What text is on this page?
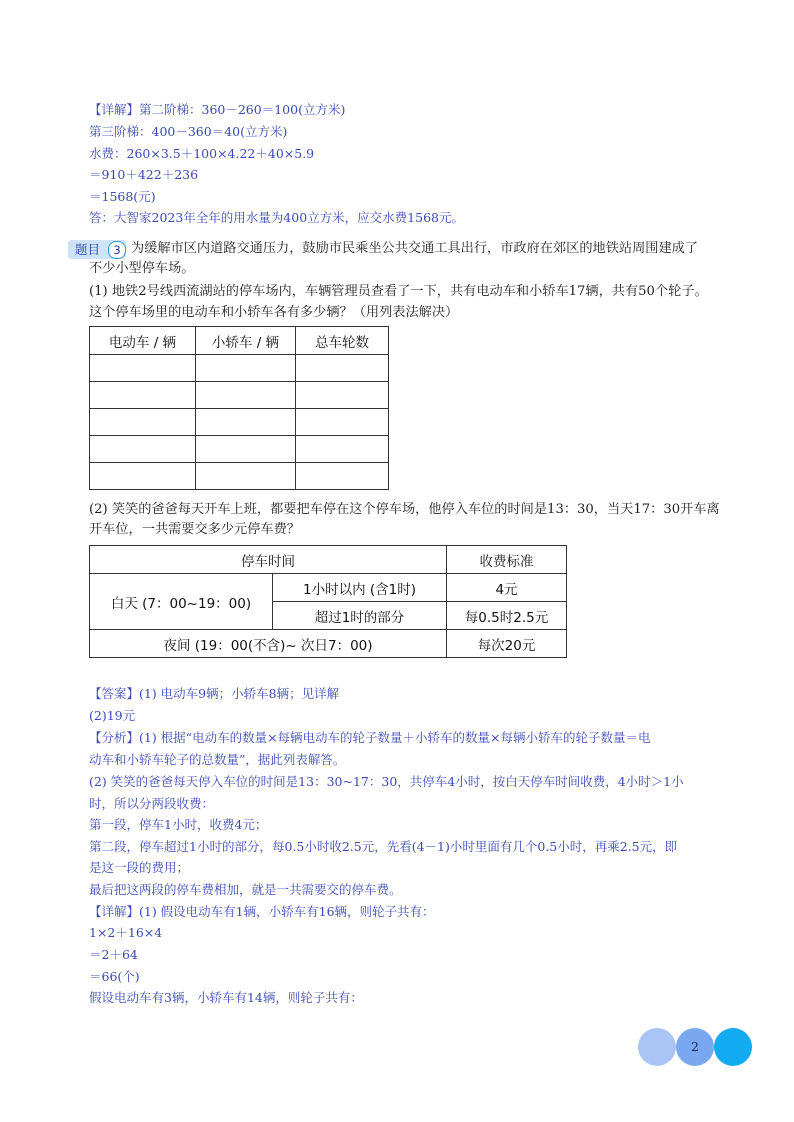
【详解】第二阶梯：360－260＝100(立方米)
第三阶梯：400－360＝40(立方米)
水费：260×3.5＋100×4.22＋40×5.9
＝910＋422＋236
＝1568(元)
答：大智家2023年全年的用水量为400立方米，应交水费1568元。
题目	3 为缓解市区内道路交通压力，鼓励市民乘坐公共交通工具出行，市政府在郊区的地铁站周围建成了
不少小型停车场。
(1) 地铁2号线西流湖站的停车场内，车辆管理员查看了一下，共有电动车和小轿车17辆，共有50个轮子。
这个停车场里的电动车和小轿车各有多少辆？（用列表法解决）
电动车 / 辆	小轿车 / 辆	总车轮数

(2) 笑笑的爸爸每天开车上班，都要把车停在这个停车场，他停入车位的时间是13：30，当天17：30开车离
开车位，一共需要交多少元停车费？
停车时间		收费标准
白天 (7：00~19：00)	1小时以内 (含1时)	4元
	超过1时的部分	每0.5时2.5元
夜间 (19：00(不含)~ 次日7：00)		每次20元
【答案】(1) 电动车9辆；小轿车8辆；见详解
(2)19元
【分析】(1) 根据“电动车的数量×每辆电动车的轮子数量＋小轿车的数量×每辆小轿车的轮子数量＝电
动车和小轿车轮子的总数量”，据此列表解答。
(2) 笑笑的爸爸每天停入车位的时间是13：30~17：30，共停车4小时，按白天停车时间收费，4小时＞1小
时，所以分两段收费：
第一段，停车1小时，收费4元；
第二段，停车超过1小时的部分，每0.5小时收2.5元，先看(4－1)小时里面有几个0.5小时，再乘2.5元，即
是这一段的费用；
最后把这两段的停车费相加，就是一共需要交的停车费。
【详解】(1) 假设电动车有1辆，小轿车有16辆，则轮子共有：
1×2＋16×4
＝2＋64
＝66(个)
假设电动车有3辆，小轿车有14辆，则轮子共有：
2
